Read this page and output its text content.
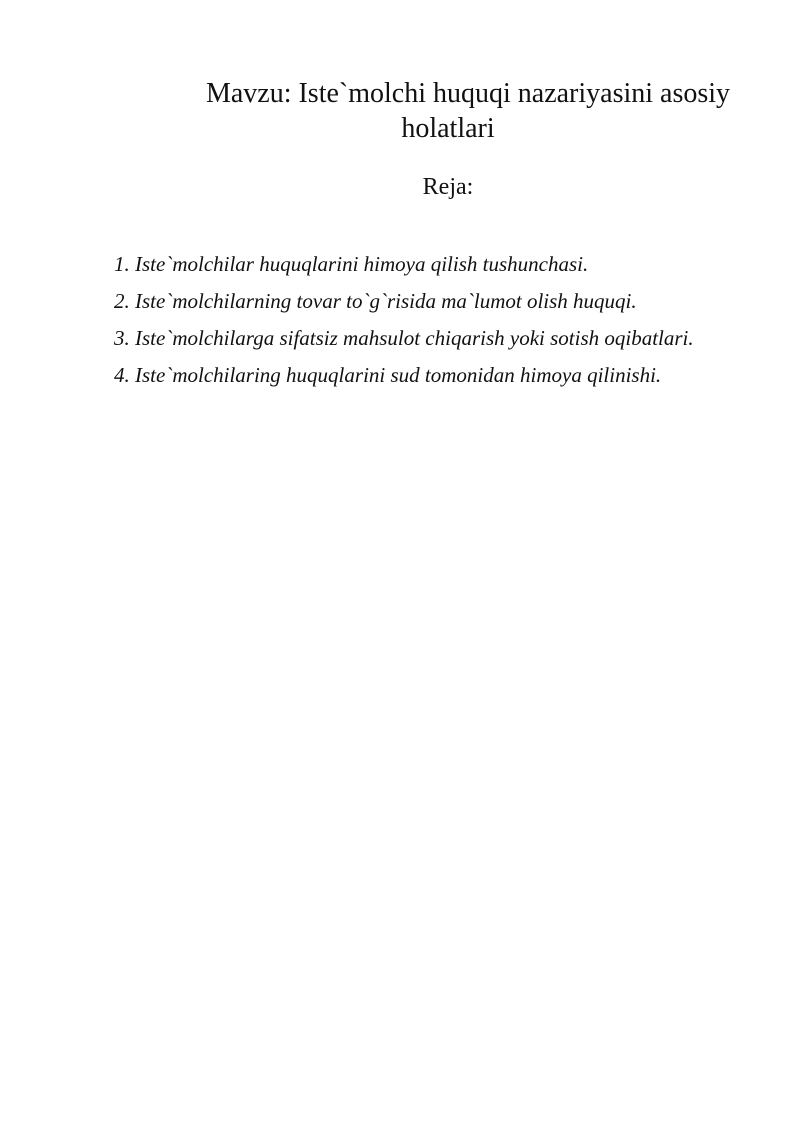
Mavzu: Iste`molchi huquqi nazariyasini asosiy
holatlari
Reja:
1. Iste`molchilar huquqlarini himoya qilish tushunchasi.
2. Iste`molchilarning tovar to`g`risida ma`lumot olish huquqi.
3. Iste`molchilarga sifatsiz mahsulot chiqarish yoki sotish oqibatlari.
4. Iste`molchilaring huquqlarini sud tomonidan himoya qilinishi.
